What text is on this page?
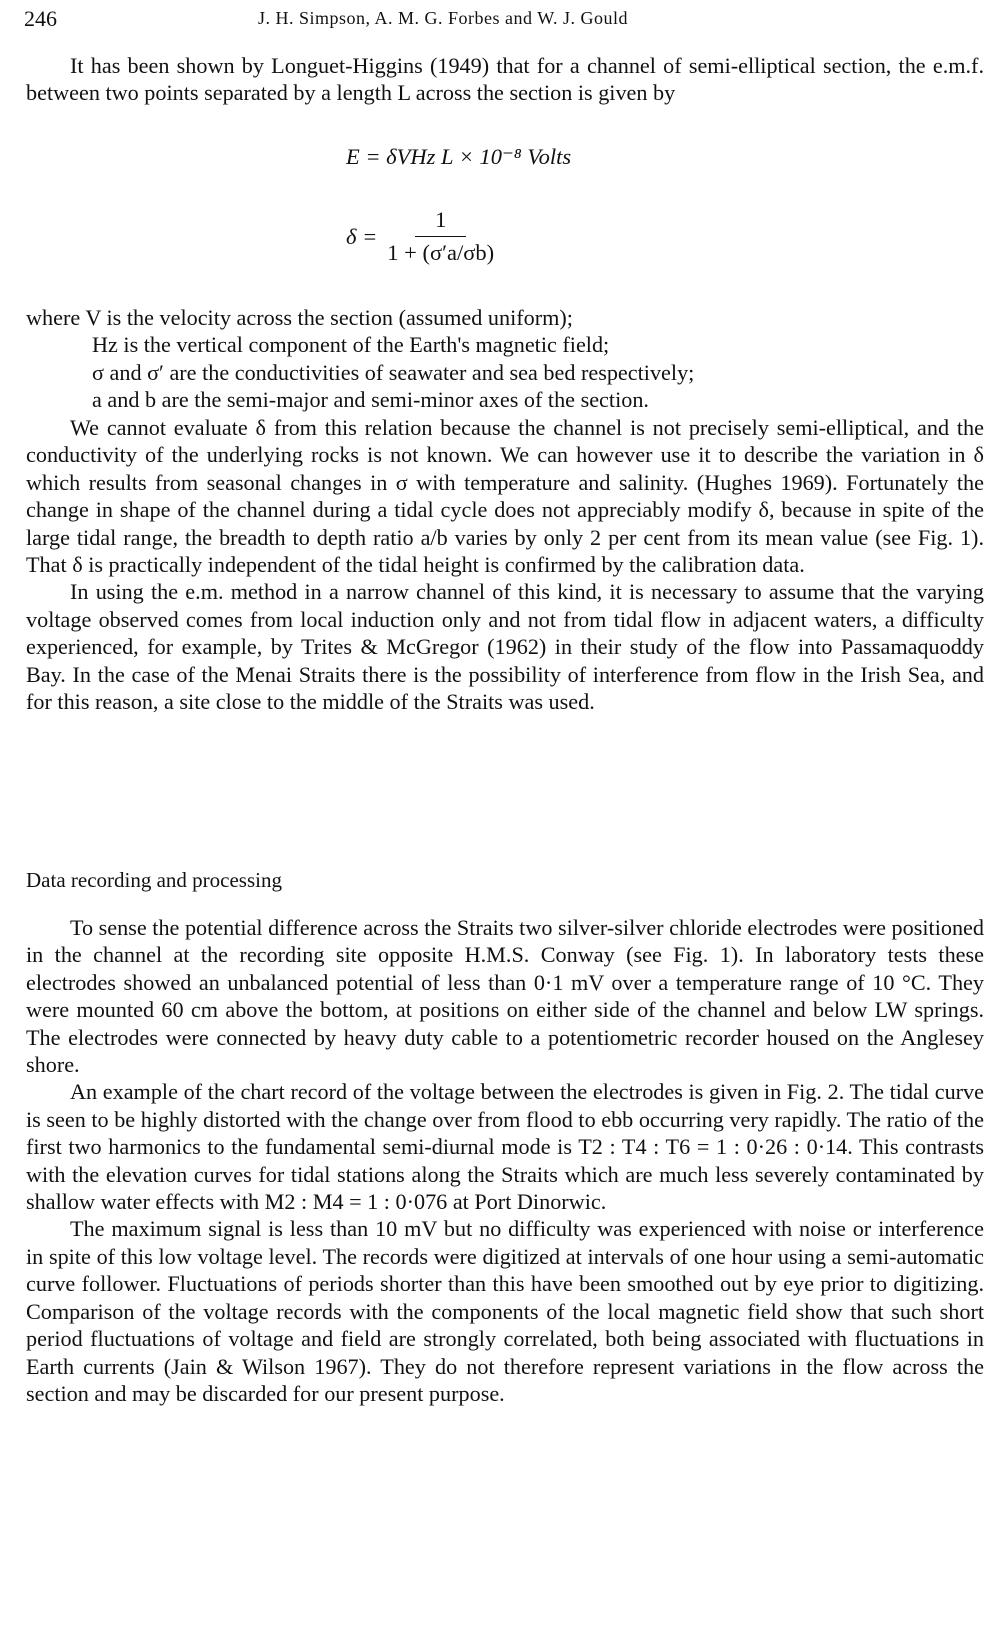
246	J. H. Simpson, A. M. G. Forbes and W. J. Gould

It has been shown by Longuet-Higgins (1949) that for a channel of semi-elliptical section, the e.m.f. between two points separated by a length L across the section is given by

E = δVHz L × 10⁻⁸ Volts
$\delta = \frac{1}{1 + (\sigma'a/\sigma b)}$

where V is the velocity across the section (assumed uniform);

Hz is the vertical component of the Earth's magnetic field;

σ and σ′ are the conductivities of seawater and sea bed respectively;

a and b are the semi-major and semi-minor axes of the section.

We cannot evaluate δ from this relation because the channel is not precisely semi-elliptical, and the conductivity of the underlying rocks is not known. We can however use it to describe the variation in δ which results from seasonal changes in σ with temperature and salinity. (Hughes 1969). Fortunately the change in shape of the channel during a tidal cycle does not appreciably modify δ, because in spite of the large tidal range, the breadth to depth ratio a/b varies by only 2 per cent from its mean value (see Fig. 1). That δ is practically independent of the tidal height is confirmed by the calibration data.

In using the e.m. method in a narrow channel of this kind, it is necessary to assume that the varying voltage observed comes from local induction only and not from tidal flow in adjacent waters, a difficulty experienced, for example, by Trites & McGregor (1962) in their study of the flow into Passamaquoddy Bay. In the case of the Menai Straits there is the possibility of interference from flow in the Irish Sea, and for this reason, a site close to the middle of the Straits was used.

Data recording and processing

To sense the potential difference across the Straits two silver-silver chloride electrodes were positioned in the channel at the recording site opposite H.M.S. Conway (see Fig. 1). In laboratory tests these electrodes showed an unbalanced potential of less than 0·1 mV over a temperature range of 10 °C. They were mounted 60 cm above the bottom, at positions on either side of the channel and below LW springs. The electrodes were connected by heavy duty cable to a potentiometric recorder housed on the Anglesey shore.

An example of the chart record of the voltage between the electrodes is given in Fig. 2. The tidal curve is seen to be highly distorted with the change over from flood to ebb occurring very rapidly. The ratio of the first two harmonics to the fundamental semi-diurnal mode is T2 : T4 : T6 = 1 : 0·26 : 0·14. This contrasts with the elevation curves for tidal stations along the Straits which are much less severely contaminated by shallow water effects with M2 : M4 = 1 : 0·076 at Port Dinorwic.

The maximum signal is less than 10 mV but no difficulty was experienced with noise or interference in spite of this low voltage level. The records were digitized at intervals of one hour using a semi-automatic curve follower. Fluctuations of periods shorter than this have been smoothed out by eye prior to digitizing. Comparison of the voltage records with the components of the local magnetic field show that such short period fluctuations of voltage and field are strongly correlated, both being associated with fluctuations in Earth currents (Jain & Wilson 1967). They do not therefore represent variations in the flow across the section and may be discarded for our present purpose.
